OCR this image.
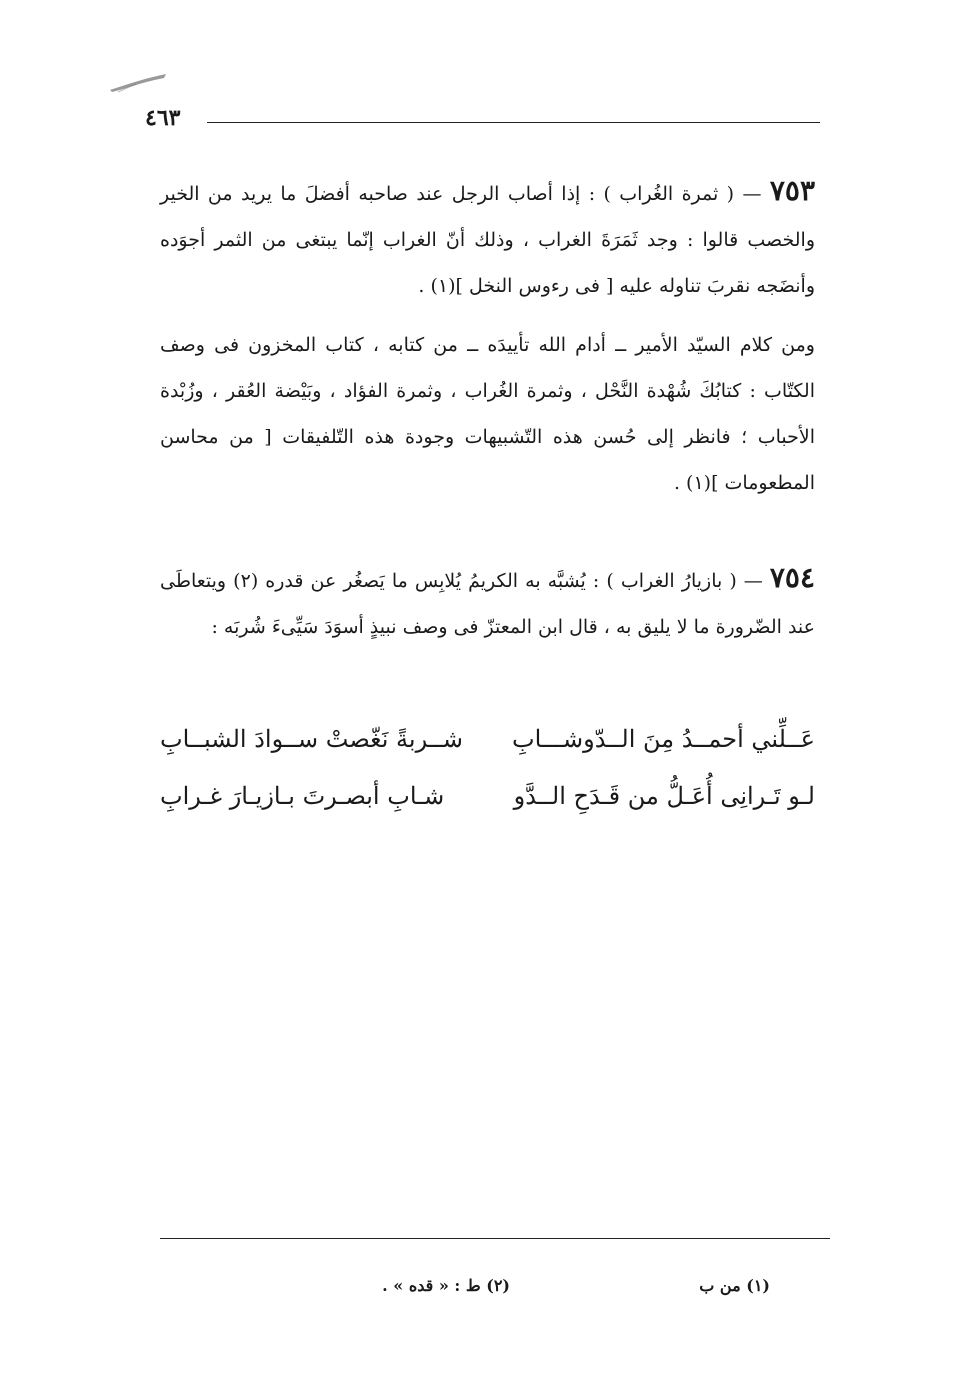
٤٦٣
٧٥٣ — ( ثمرة الغُراب ) : إذا أصاب الرجل عند صاحبه أفضلَ ما يريد من الخير والخصب قالوا : وجد ثَمَرَةَ الغراب ، وذلك أنّ الغراب إنّما يبتغى من الثمر أجوَده وأنضَجه نقربَ تناوله عليه [ فى رءوس النخل ](١) .
ومن كلام السيّد الأمير ــ أدام الله تأييدَه ــ من كتابه ، كتاب المخزون فى وصف الكتّاب : كتابُكَ شُهْدة النَّحْل ، وثمرة الغُراب ، وثمرة الفؤاد ، وبَيْضة العُقر ، وزُبْدة الأحباب ؛ فانظر إلى حُسن هذه التّشبيهات وجودة هذه التّلفيقات [ من محاسن المطعومات ](١) .
٧٥٤ — ( بازيارُ الغراب ) : يُشبَّه به الكريمُ يُلابِس ما يَصغُر عن قدره (٢) ويتعاطَى عند الضّرورة ما لا يليق به ، قال ابن المعتزّ فى وصف نبيذٍ أسوَدَ سَيِّىءَ شُربَه :
عَــلِّني أحمــدُ مِنَ الــدّوشـــابِ
شــربةً نَغّصتْ ســوادَ الشبــابِ
لـو تَـرانِى أُعَـلُّ من قَـدَحِ الــدَّو
شـابِ أبصـرتَ بـازيـارَ غـرابِ
(١) من ب
(٢) ط : « قده » .
